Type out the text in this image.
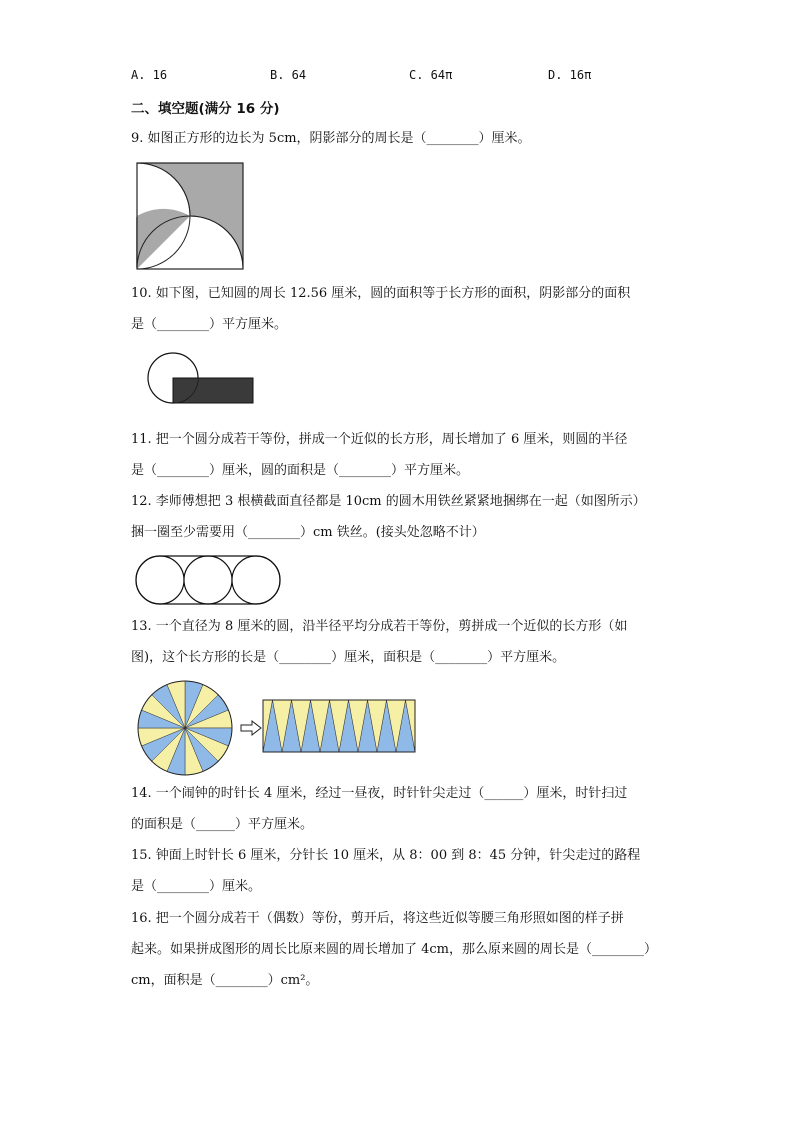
A. 16	B. 64	C. 64π	D. 16π
二、填空题(满分 16 分)
9. 如图正方形的边长为 5cm，阴影部分的周长是（________）厘米。
10. 如下图，已知圆的周长 12.56 厘米，圆的面积等于长方形的面积，阴影部分的面积
是（________）平方厘米。
11. 把一个圆分成若干等份，拼成一个近似的长方形，周长增加了 6 厘米，则圆的半径
是（________）厘米，圆的面积是（________）平方厘米。
12. 李师傅想把 3 根横截面直径都是 10cm 的圆木用铁丝紧紧地捆绑在一起（如图所示）
捆一圈至少需要用（________）cm 铁丝。(接头处忽略不计）
13. 一个直径为 8 厘米的圆，沿半径平均分成若干等份，剪拼成一个近似的长方形（如
图)，这个长方形的长是（________）厘米，面积是（________）平方厘米。
14. 一个闹钟的时针长 4 厘米，经过一昼夜，时针针尖走过（______）厘米，时针扫过
的面积是（______）平方厘米。
15. 钟面上时针长 6 厘米，分针长 10 厘米，从 8：00 到 8：45 分钟，针尖走过的路程
是（________）厘米。
16. 把一个圆分成若干（偶数）等份，剪开后，将这些近似等腰三角形照如图的样子拼
起来。如果拼成图形的周长比原来圆的周长增加了 4cm，那么原来圆的周长是（________）
cm，面积是（________）cm²。
